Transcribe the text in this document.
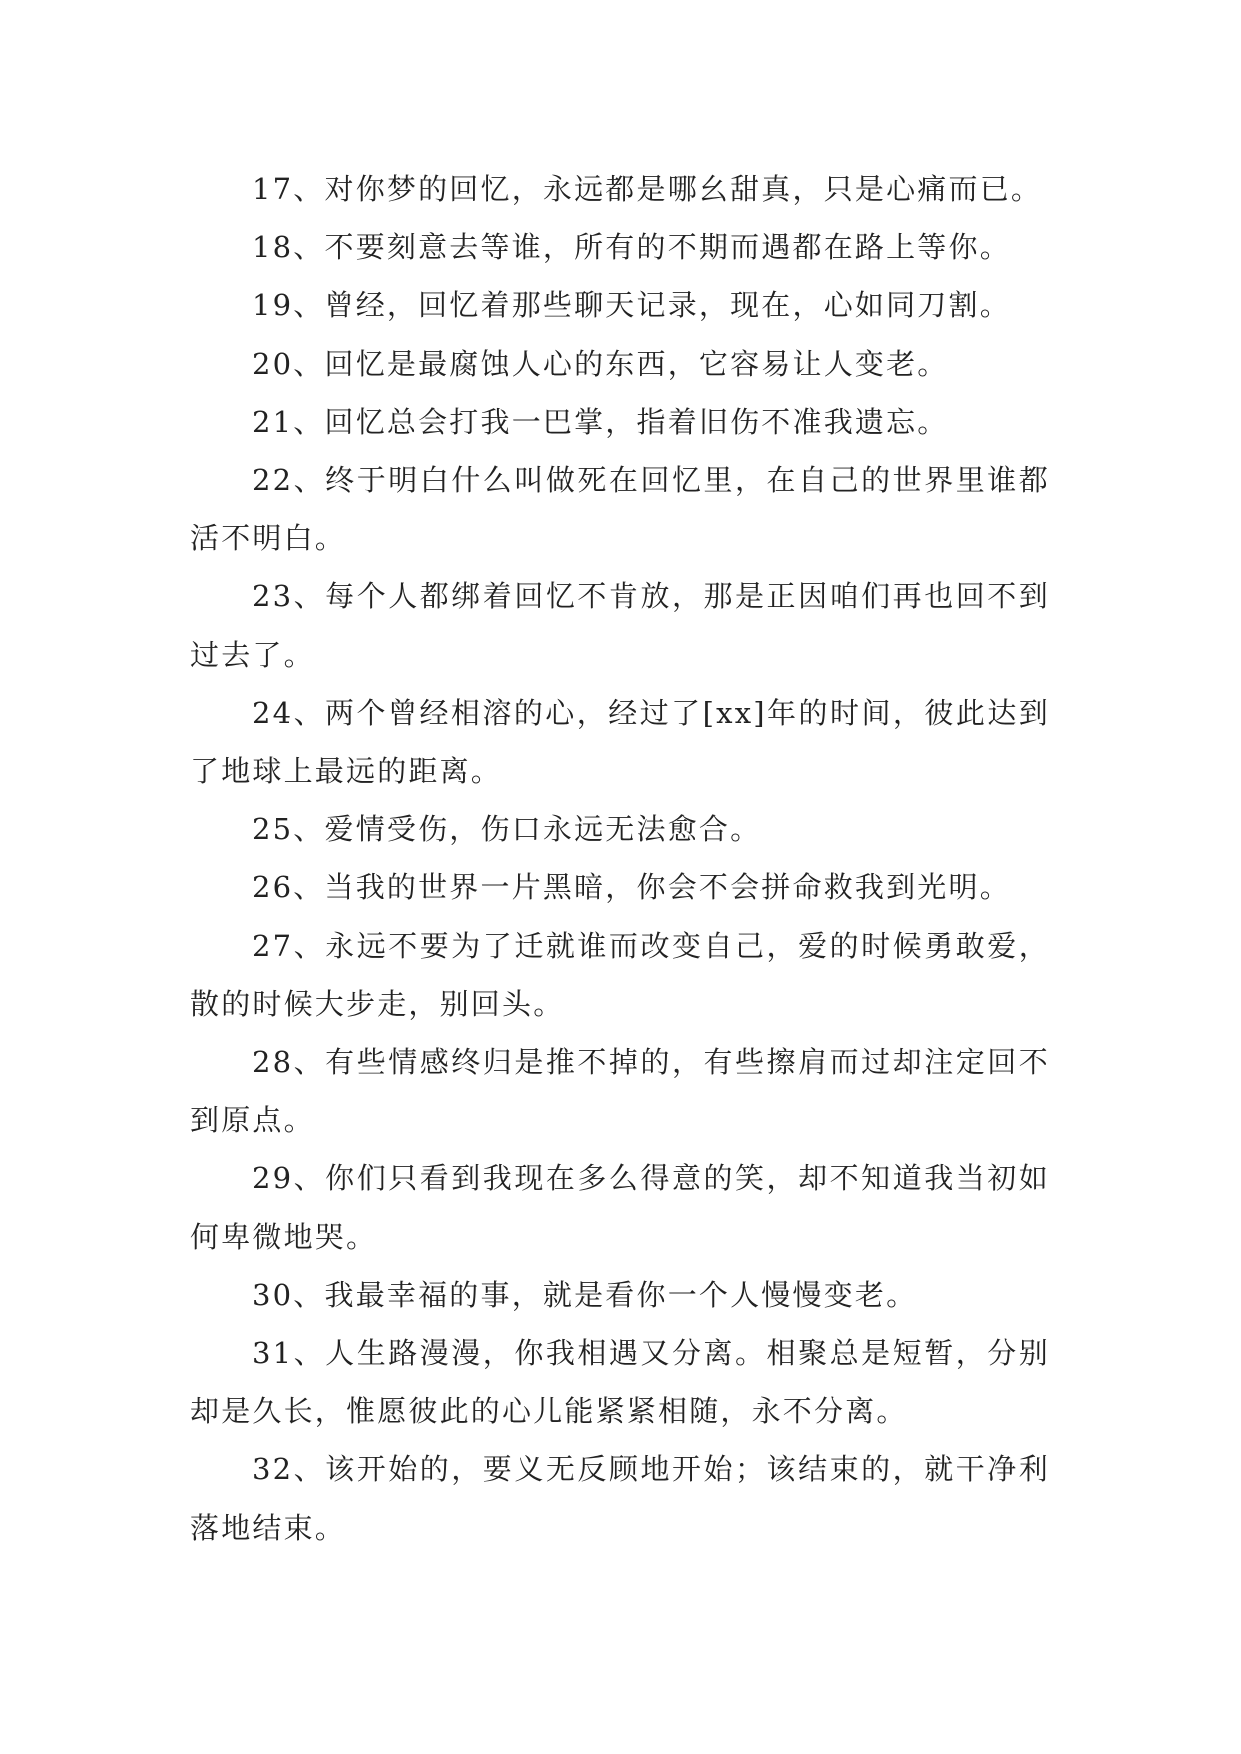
17、对你梦的回忆，永远都是哪幺甜真，只是心痛而已。

18、不要刻意去等谁，所有的不期而遇都在路上等你。

19、曾经，回忆着那些聊天记录，现在，心如同刀割。

20、回忆是最腐蚀人心的东西，它容易让人变老。

21、回忆总会打我一巴掌，指着旧伤不准我遗忘。

22、终于明白什么叫做死在回忆里，在自己的世界里谁都活不明白。

23、每个人都绑着回忆不肯放，那是正因咱们再也回不到过去了。

24、两个曾经相溶的心，经过了[xx]年的时间，彼此达到了地球上最远的距离。

25、爱情受伤，伤口永远无法愈合。

26、当我的世界一片黑暗，你会不会拼命救我到光明。

27、永远不要为了迁就谁而改变自己，爱的时候勇敢爱，散的时候大步走，别回头。

28、有些情感终归是推不掉的，有些擦肩而过却注定回不到原点。

29、你们只看到我现在多么得意的笑，却不知道我当初如何卑微地哭。

30、我最幸福的事，就是看你一个人慢慢变老。

31、人生路漫漫，你我相遇又分离。相聚总是短暂，分别却是久长，惟愿彼此的心儿能紧紧相随，永不分离。

32、该开始的，要义无反顾地开始；该结束的，就干净利落地结束。
